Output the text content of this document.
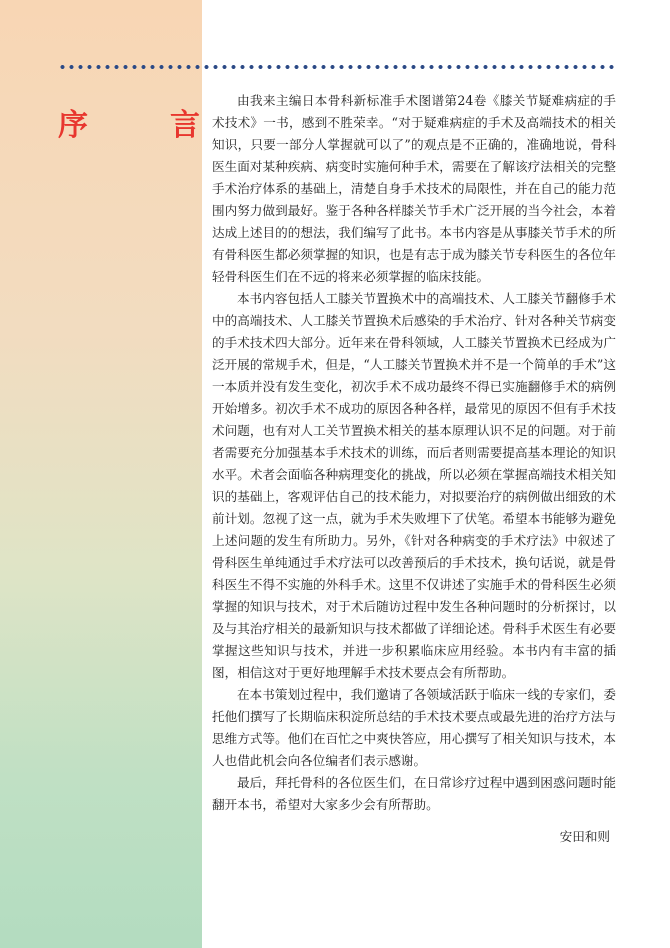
序　言

由我来主编日本骨科新标准手术图谱第24卷《膝关节疑难病症的手术技术》一书，感到不胜荣幸。“对于疑难病症的手术及高端技术的相关知识，只要一部分人掌握就可以了”的观点是不正确的，准确地说，骨科医生面对某种疾病、病变时实施何种手术，需要在了解该疗法相关的完整手术治疗体系的基础上，清楚自身手术技术的局限性，并在自己的能力范围内努力做到最好。鉴于各种各样膝关节手术广泛开展的当今社会，本着达成上述目的的想法，我们编写了此书。本书内容是从事膝关节手术的所有骨科医生都必须掌握的知识，也是有志于成为膝关节专科医生的各位年轻骨科医生们在不远的将来必须掌握的临床技能。

本书内容包括人工膝关节置换术中的高端技术、人工膝关节翻修手术中的高端技术、人工膝关节置换术后感染的手术治疗、针对各种关节病变的手术技术四大部分。近年来在骨科领域，人工膝关节置换术已经成为广泛开展的常规手术，但是，“人工膝关节置换术并不是一个简单的手术”这一本质并没有发生变化，初次手术不成功最终不得已实施翻修手术的病例开始增多。初次手术不成功的原因各种各样，最常见的原因不但有手术技术问题，也有对人工关节置换术相关的基本原理认识不足的问题。对于前者需要充分加强基本手术技术的训练，而后者则需要提高基本理论的知识水平。术者会面临各种病理变化的挑战，所以必须在掌握高端技术相关知识的基础上，客观评估自己的技术能力，对拟要治疗的病例做出细致的术前计划。忽视了这一点，就为手术失败埋下了伏笔。希望本书能够为避免上述问题的发生有所助力。另外，《针对各种病变的手术疗法》中叙述了骨科医生单纯通过手术疗法可以改善预后的手术技术，换句话说，就是骨科医生不得不实施的外科手术。这里不仅讲述了实施手术的骨科医生必须掌握的知识与技术，对于术后随访过程中发生各种问题时的分析探讨，以及与其治疗相关的最新知识与技术都做了详细论述。骨科手术医生有必要掌握这些知识与技术，并进一步积累临床应用经验。本书内有丰富的插图，相信这对于更好地理解手术技术要点会有所帮助。

在本书策划过程中，我们邀请了各领域活跃于临床一线的专家们，委托他们撰写了长期临床积淀所总结的手术技术要点或最先进的治疗方法与思维方式等。他们在百忙之中爽快答应，用心撰写了相关知识与技术，本人也借此机会向各位编者们表示感谢。

最后，拜托骨科的各位医生们，在日常诊疗过程中遇到困惑问题时能翻开本书，希望对大家多少会有所帮助。

安田和则
